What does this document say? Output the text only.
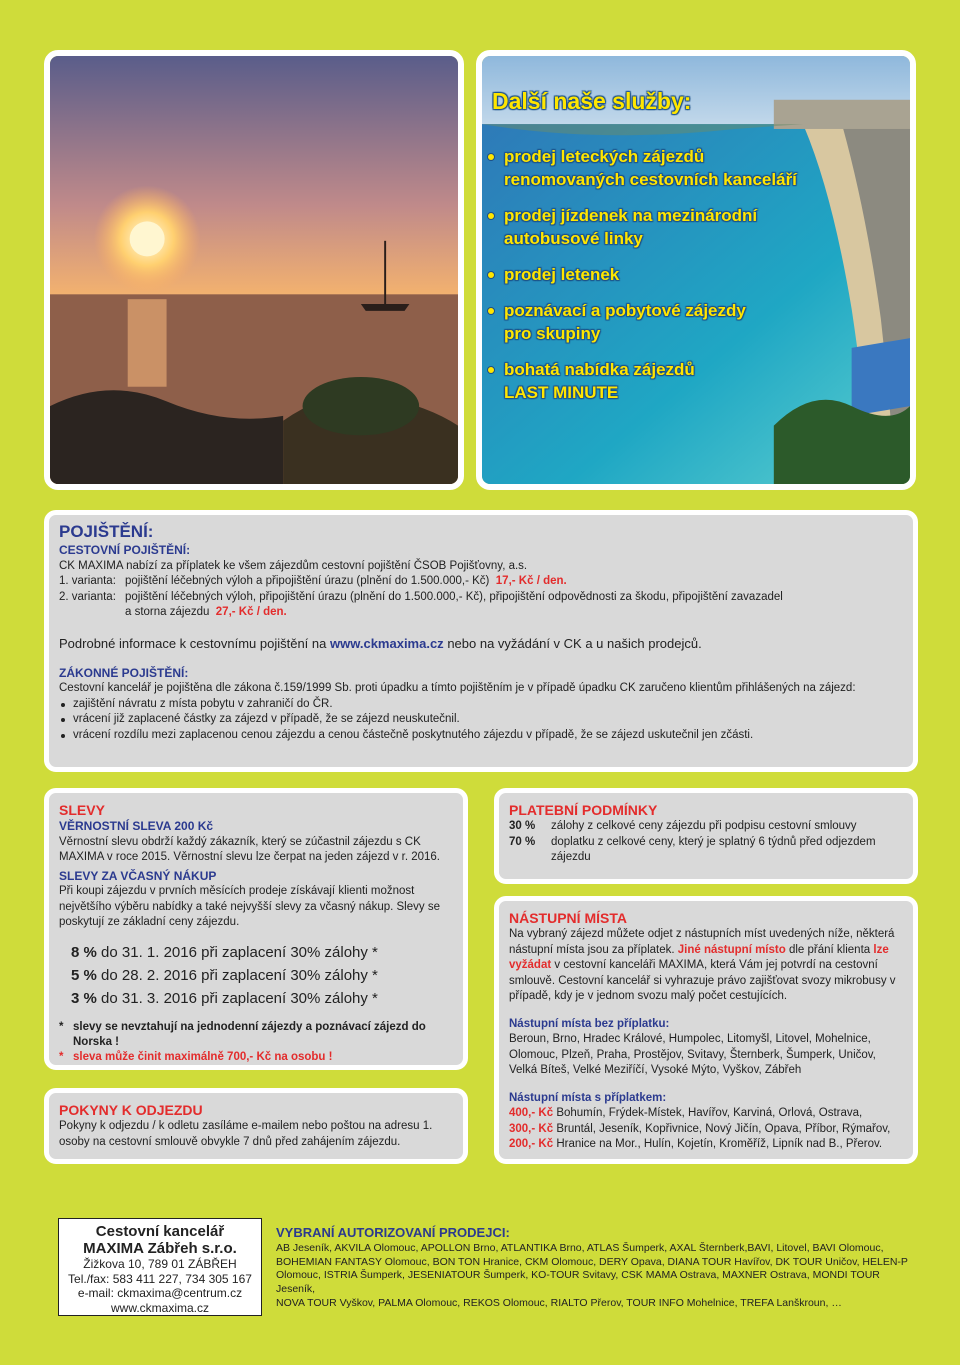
Další naše služby:
prodej leteckých zájezdů
renomovaných cestovních kanceláří
prodej jízdenek na mezinárodní
autobusové linky
prodej letenek
poznávací a pobytové zájezdy
pro skupiny
bohatá nabídka zájezdů
LAST MINUTE
POJIŠTĚNÍ:
CESTOVNÍ POJIŠTĚNÍ:
CK MAXIMA nabízí za příplatek ke všem zájezdům cestovní pojištění ČSOB Pojišťovny, a.s.
1. varianta: pojištění léčebných výloh a připojištění úrazu (plnění do 1.500.000,- Kč) 17,- Kč / den.
2. varianta: pojištění léčebných výloh, připojištění úrazu (plnění do 1.500.000,- Kč), připojištění odpovědnosti za škodu, připojištění zavazadel
a storna zájezdu 27,- Kč / den.
Podrobné informace k cestovnímu pojištění na www.ckmaxima.cz nebo na vyžádání v CK a u našich prodejců.
ZÁKONNÉ POJIŠTĚNÍ:
Cestovní kancelář je pojištěna dle zákona č.159/1999 Sb. proti úpadku a tímto pojištěním je v případě úpadku CK zaručeno klientům přihlášených na zájezd:
zajištění návratu z místa pobytu v zahraničí do ČR.
vrácení již zaplacené částky za zájezd v případě, že se zájezd neuskutečnil.
vrácení rozdílu mezi zaplacenou cenou zájezdu a cenou částečně poskytnutého zájezdu v případě, že se zájezd uskutečnil jen zčásti.
SLEVY
VĚRNOSTNÍ SLEVA 200 Kč
Věrnostní slevu obdrží každý zákazník, který se zúčastnil zájezdu s CK MAXIMA v roce 2015. Věrnostní slevu lze čerpat na jeden zájezd v r. 2016.
SLEVY ZA VČASNÝ NÁKUP
Při koupi zájezdu v prvních měsících prodeje získávají klienti možnost největšího výběru nabídky a také nejvyšší slevy za včasný nákup. Slevy se poskytují ze základní ceny zájezdu.
8 % do 31. 1. 2016 při zaplacení 30% zálohy *
5 % do 28. 2. 2016 při zaplacení 30% zálohy *
3 % do 31. 3. 2016 při zaplacení 30% zálohy *
* slevy se nevztahují na jednodenní zájezdy a poznávací zájezd do Norska !
* sleva může činit maximálně 700,- Kč na osobu !
POKYNY K ODJEZDU
Pokyny k odjezdu / k odletu zasíláme e-mailem nebo poštou na adresu 1. osoby na cestovní smlouvě obvykle 7 dnů před zahájením zájezdu.
PLATEBNÍ PODMÍNKY
30 %	zálohy z celkové ceny zájezdu při podpisu cestovní smlouvy
70 %	doplatku z celkové ceny, který je splatný 6 týdnů před odjezdem zájezdu
NÁSTUPNÍ MÍSTA
Na vybraný zájezd můžete odjet z nástupních míst uvedených níže, některá nástupní místa jsou za příplatek. Jiné nástupní místo dle přání klienta lze vyžádat v cestovní kanceláři MAXIMA, která Vám jej potvrdí na cestovní smlouvě. Cestovní kancelář si vyhrazuje právo zajišťovat svozy mikrobusy v případě, kdy je v jednom svozu malý počet cestujících.
Nástupní místa bez příplatku:
Beroun, Brno, Hradec Králové, Humpolec, Litomyšl, Litovel, Mohelnice, Olomouc, Plzeň, Praha, Prostějov, Svitavy, Šternberk, Šumperk, Uničov, Velká Bíteš, Velké Meziříčí, Vysoké Mýto, Vyškov, Zábřeh
Nástupní místa s příplatkem:
400,- Kč Bohumín, Frýdek-Místek, Havířov, Karviná, Orlová, Ostrava,
300,- Kč Bruntál, Jeseník, Kopřivnice, Nový Jičín, Opava, Příbor, Rýmařov,
200,- Kč Hranice na Mor., Hulín, Kojetín, Kroměříž, Lipník nad B., Přerov.
Cestovní kancelář
MAXIMA Zábřeh s.r.o.
Žižkova 10, 789 01 ZÁBŘEH
Tel./fax: 583 411 227, 734 305 167
e-mail: ckmaxima@centrum.cz
www.ckmaxima.cz
VYBRANÍ AUTORIZOVANÍ PRODEJCI:
AB Jeseník, AKVILA Olomouc, APOLLON Brno, ATLANTIKA Brno, ATLAS Šumperk, AXAL Šternberk,BAVI, Litovel, BAVI Olomouc,
BOHEMIAN FANTASY Olomouc, BON TON Hranice, CKM Olomouc, DERY Opava, DIANA TOUR Havířov, DK TOUR Uničov, HELEN-P
Olomouc, ISTRIA Šumperk, JESENIATOUR Šumperk, KO-TOUR Svitavy, CSK MAMA Ostrava, MAXNER Ostrava, MONDI TOUR Jeseník,
NOVA TOUR Vyškov, PALMA Olomouc, REKOS Olomouc, RIALTO Přerov, TOUR INFO Mohelnice, TREFA Lanškroun, …
